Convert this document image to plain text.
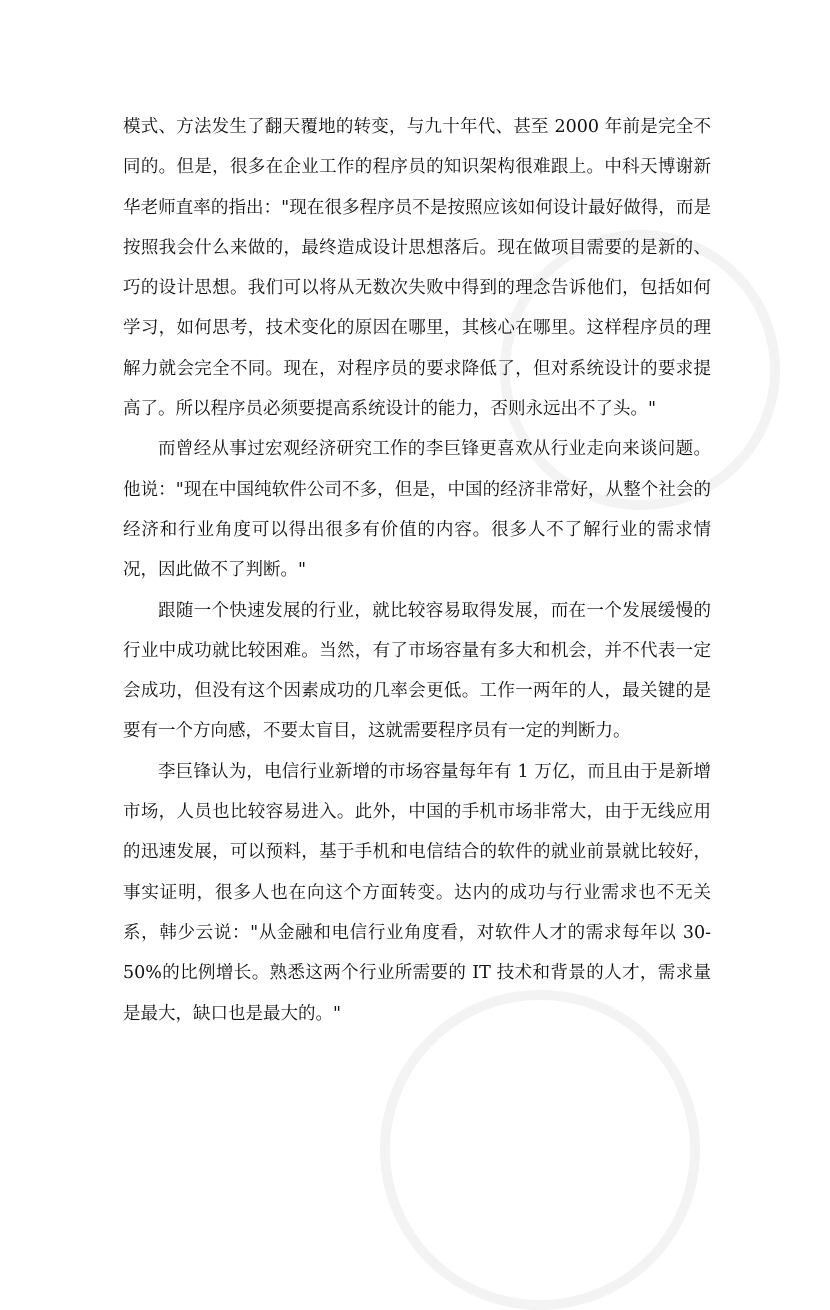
模式、方法发生了翻天覆地的转变，与九十年代、甚至 2000 年前是完全不同的。但是，很多在企业工作的程序员的知识架构很难跟上。中科天博谢新华老师直率的指出："现在很多程序员不是按照应该如何设计最好做得，而是按照我会什么来做的，最终造成设计思想落后。现在做项目需要的是新的、巧的设计思想。我们可以将从无数次失败中得到的理念告诉他们，包括如何学习，如何思考，技术变化的原因在哪里，其核心在哪里。这样程序员的理解力就会完全不同。现在，对程序员的要求降低了，但对系统设计的要求提高了。所以程序员必须要提高系统设计的能力，否则永远出不了头。"

而曾经从事过宏观经济研究工作的李巨锋更喜欢从行业走向来谈问题。他说："现在中国纯软件公司不多，但是，中国的经济非常好，从整个社会的经济和行业角度可以得出很多有价值的内容。很多人不了解行业的需求情况，因此做不了判断。"

跟随一个快速发展的行业，就比较容易取得发展，而在一个发展缓慢的行业中成功就比较困难。当然，有了市场容量有多大和机会，并不代表一定会成功，但没有这个因素成功的几率会更低。工作一两年的人，最关键的是要有一个方向感，不要太盲目，这就需要程序员有一定的判断力。

李巨锋认为，电信行业新增的市场容量每年有 1 万亿，而且由于是新增市场，人员也比较容易进入。此外，中国的手机市场非常大，由于无线应用的迅速发展，可以预料，基于手机和电信结合的软件的就业前景就比较好，事实证明，很多人也在向这个方面转变。达内的成功与行业需求也不无关系，韩少云说："从金融和电信行业角度看，对软件人才的需求每年以 30-50%的比例增长。熟悉这两个行业所需要的 IT 技术和背景的人才，需求量是最大，缺口也是最大的。"
